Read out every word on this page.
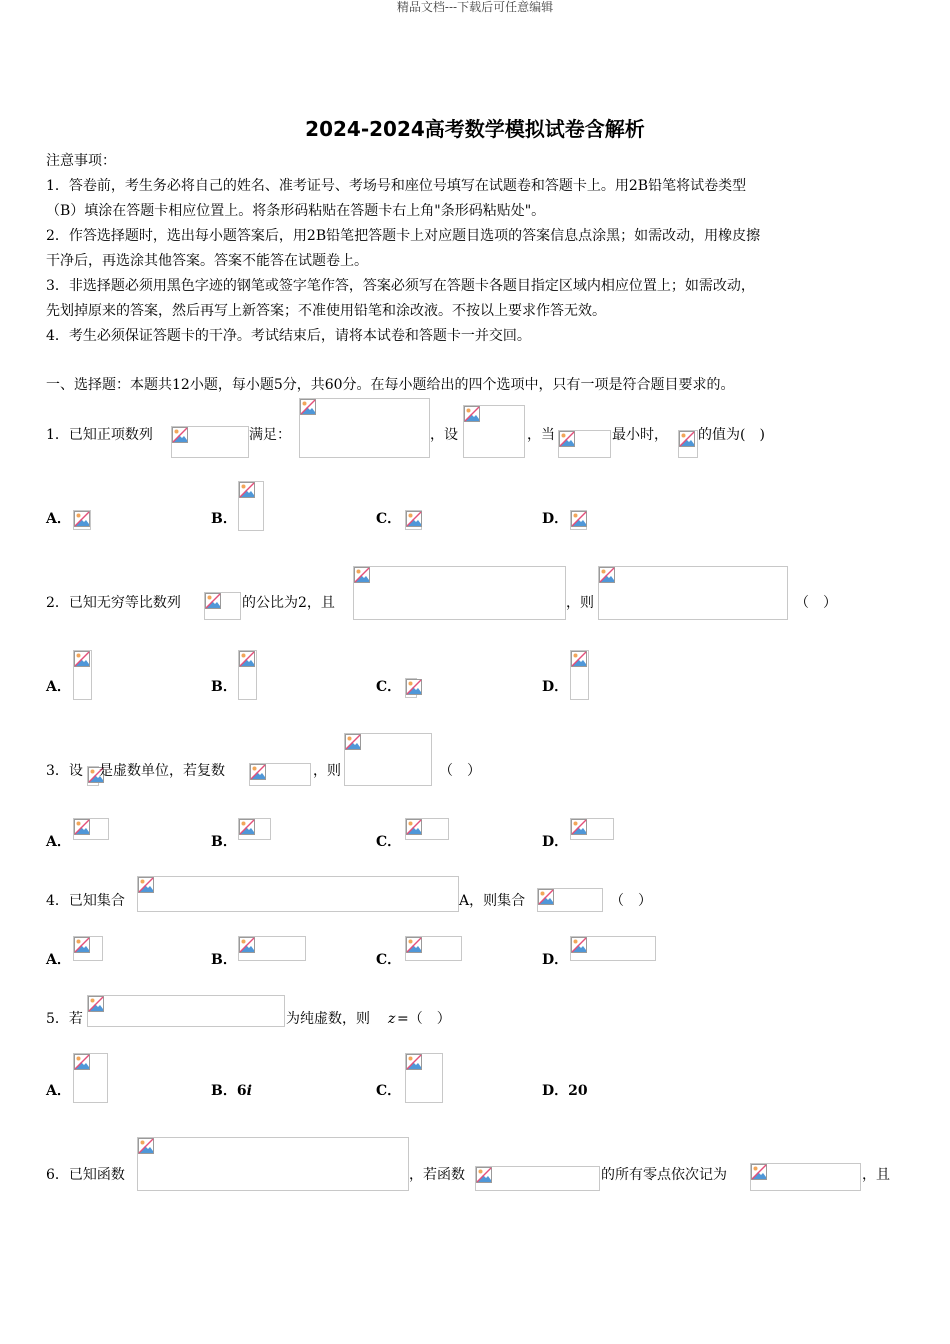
精品文档---下载后可任意编辑
2024-2024高考数学模拟试卷含解析
注意事项：
1．答卷前，考生务必将自己的姓名、准考证号、考场号和座位号填写在试题卷和答题卡上。用2B铅笔将试卷类型
（B）填涂在答题卡相应位置上。将条形码粘贴在答题卡右上角"条形码粘贴处"。
2．作答选择题时，选出每小题答案后，用2B铅笔把答题卡上对应题目选项的答案信息点涂黑；如需改动，用橡皮擦
干净后，再选涂其他答案。答案不能答在试题卷上。
3．非选择题必须用黑色字迹的钢笔或签字笔作答，答案必须写在答题卡各题目指定区域内相应位置上；如需改动，
先划掉原来的答案，然后再写上新答案；不准使用铅笔和涂改液。不按以上要求作答无效。
4．考生必须保证答题卡的干净。考试结束后，请将本试卷和答题卡一并交回。
一、选择题：本题共12小题，每小题5分，共60分。在每小题给出的四个选项中，只有一项是符合题目要求的。
1．已知正项数列	满足：	，设	，当	最小时， 的值为(　)
A．	B．	C．	D．
2．已知无穷等比数列	的公比为2，且	，则	（　）
A．	B．	C．	D．
3．设 是虚数单位，若复数	，则	（　）
A．	B．	C．	D．
4．已知集合	A，则集合	（　）
A．	B．	C．	D．
5．若	为纯虚数，则 z =（　）
A．	B．6i	C．	D．20
6．已知函数	，若函数	的所有零点依次记为	，且
